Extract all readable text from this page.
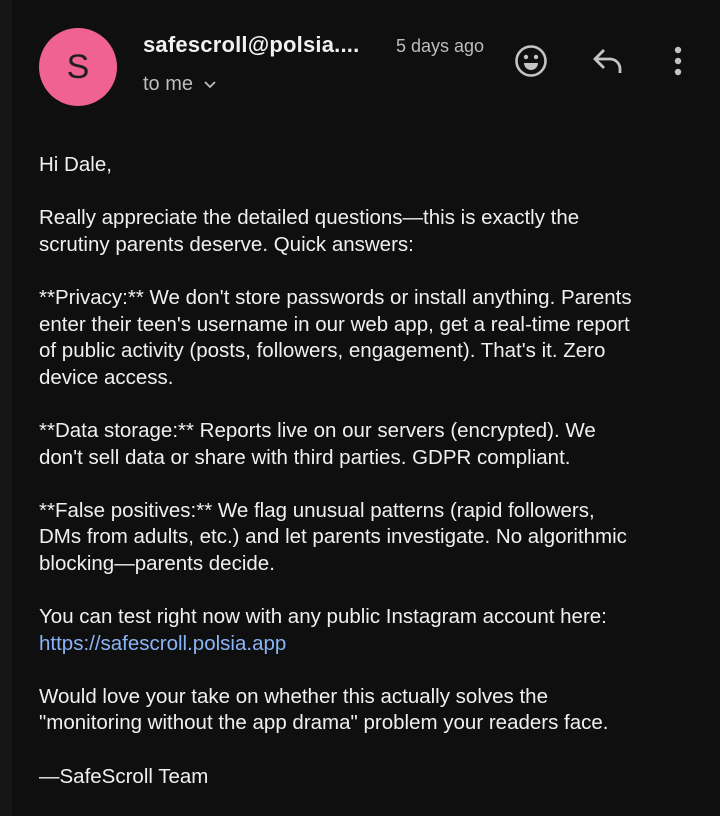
S
safescroll@polsia.... 5 days ago
to me
Hi Dale,
Really appreciate the detailed questions—this is exactly the
scrutiny parents deserve. Quick answers:
**Privacy:** We don't store passwords or install anything. Parents
enter their teen's username in our web app, get a real-time report
of public activity (posts, followers, engagement). That's it. Zero
device access.
**Data storage:** Reports live on our servers (encrypted). We
don't sell data or share with third parties. GDPR compliant.
**False positives:** We flag unusual patterns (rapid followers,
DMs from adults, etc.) and let parents investigate. No algorithmic
blocking—parents decide.
You can test right now with any public Instagram account here:
https://safescroll.polsia.app
Would love your take on whether this actually solves the
"monitoring without the app drama" problem your readers face.
—SafeScroll Team
